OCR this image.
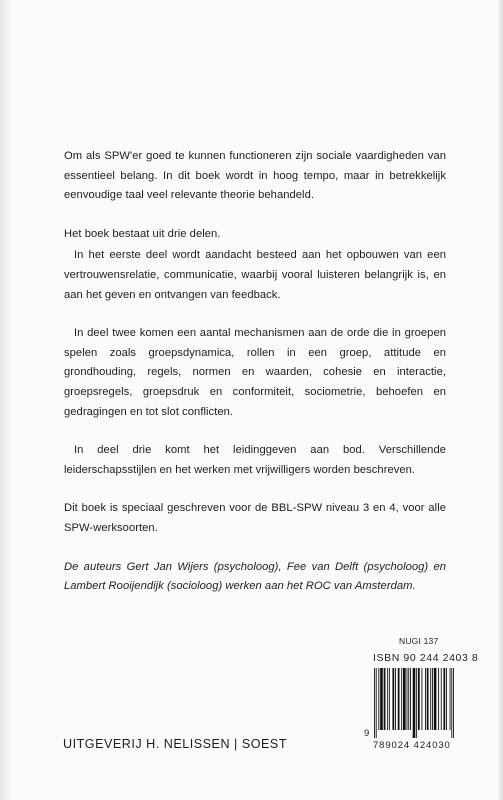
Om als SPW'er goed te kunnen functioneren zijn sociale vaardigheden van essentieel belang. In dit boek wordt in hoog tempo, maar in betrekkelijk eenvoudige taal veel relevante theorie behandeld.

Het boek bestaat uit drie delen.

In het eerste deel wordt aandacht besteed aan het opbouwen van een vertrouwensrelatie, communicatie, waarbij vooral luisteren belangrijk is, en aan het geven en ontvangen van feedback.

In deel twee komen een aantal mechanismen aan de orde die in groepen spelen zoals groepsdynamica, rollen in een groep, attitude en grondhouding, regels, normen en waarden, cohesie en interactie, groepsregels, groepsdruk en conformiteit, sociometrie, behoefen en gedragingen en tot slot conflicten.

In deel drie komt het leidinggeven aan bod. Verschillende leiderschapsstijlen en het werken met vrijwilligers worden beschreven.

Dit boek is speciaal geschreven voor de BBL-SPW niveau 3 en 4, voor alle SPW-werksoorten.

De auteurs Gert Jan Wijers (psycholoog), Fee van Delft (psycholoog) en Lambert Rooijendijk (socioloog) werken aan het ROC van Amsterdam.

NUGI 137
ISBN 90 244 2403 8
9
789024 424030
UITGEVERIJ H. NELISSEN | SOEST
